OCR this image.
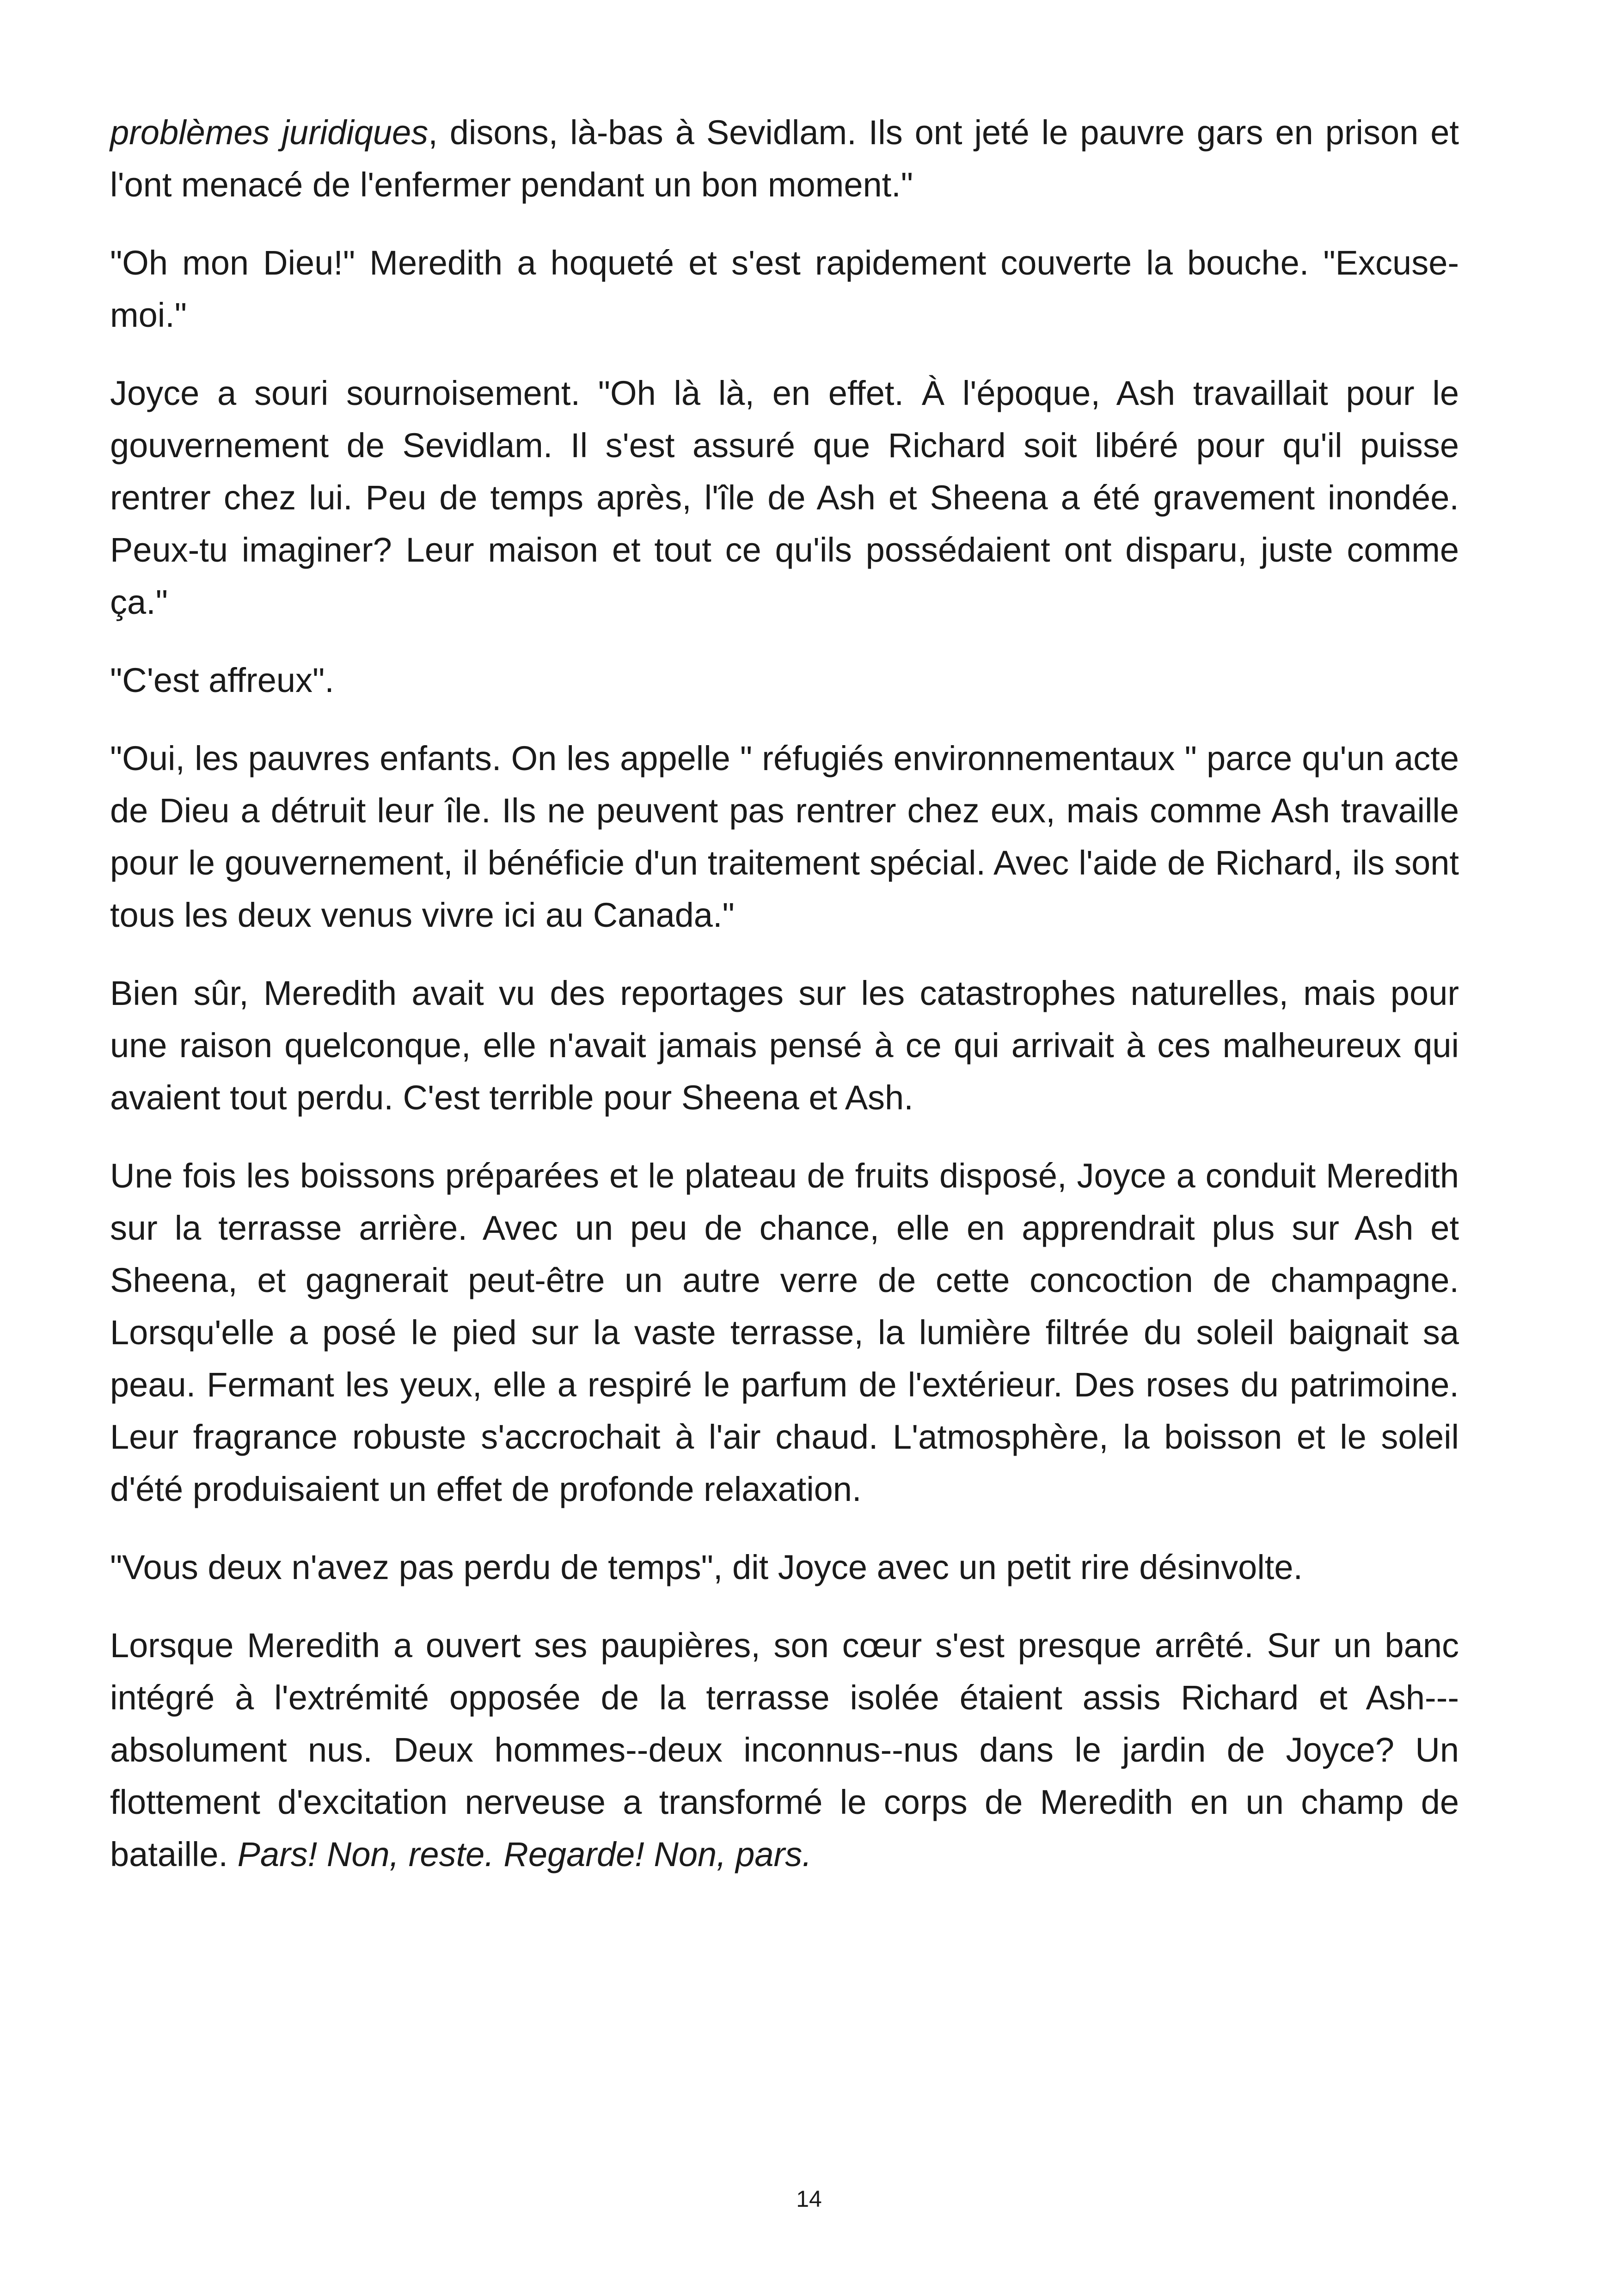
problèmes juridiques, disons, là-bas à Sevidlam. Ils ont jeté le pauvre gars en prison et l'ont menacé de l'enfermer pendant un bon moment."

"Oh mon Dieu!" Meredith a hoqueté et s'est rapidement couverte la bouche. "Excuse-moi."

Joyce a souri sournoisement. "Oh là là, en effet. À l'époque, Ash travaillait pour le gouvernement de Sevidlam. Il s'est assuré que Richard soit libéré pour qu'il puisse rentrer chez lui. Peu de temps après, l'île de Ash et Sheena a été gravement inondée. Peux-tu imaginer? Leur maison et tout ce qu'ils possédaient ont disparu, juste comme ça."

"C'est affreux".

"Oui, les pauvres enfants. On les appelle " réfugiés environnementaux " parce qu'un acte de Dieu a détruit leur île. Ils ne peuvent pas rentrer chez eux, mais comme Ash travaille pour le gouvernement, il bénéficie d'un traitement spécial. Avec l'aide de Richard, ils sont tous les deux venus vivre ici au Canada."

Bien sûr, Meredith avait vu des reportages sur les catastrophes naturelles, mais pour une raison quelconque, elle n'avait jamais pensé à ce qui arrivait à ces malheureux qui avaient tout perdu. C'est terrible pour Sheena et Ash.

Une fois les boissons préparées et le plateau de fruits disposé, Joyce a conduit Meredith sur la terrasse arrière. Avec un peu de chance, elle en apprendrait plus sur Ash et Sheena, et gagnerait peut-être un autre verre de cette concoction de champagne. Lorsqu'elle a posé le pied sur la vaste terrasse, la lumière filtrée du soleil baignait sa peau. Fermant les yeux, elle a respiré le parfum de l'extérieur. Des roses du patrimoine. Leur fragrance robuste s'accrochait à l'air chaud. L'atmosphère, la boisson et le soleil d'été produisaient un effet de profonde relaxation.

"Vous deux n'avez pas perdu de temps", dit Joyce avec un petit rire désinvolte.

Lorsque Meredith a ouvert ses paupières, son cœur s'est presque arrêté. Sur un banc intégré à l'extrémité opposée de la terrasse isolée étaient assis Richard et Ash---absolument nus. Deux hommes--deux inconnus--nus dans le jardin de Joyce? Un flottement d'excitation nerveuse a transformé le corps de Meredith en un champ de bataille. Pars! Non, reste. Regarde! Non, pars.

14
